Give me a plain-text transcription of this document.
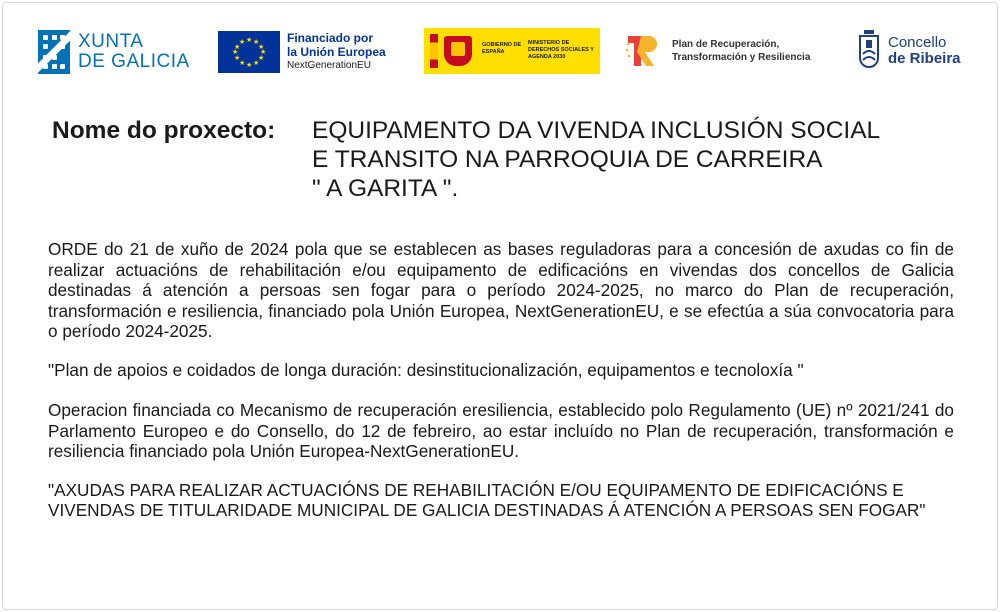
XUNTA
DE GALICIA
★ ★
★
★
★
★
★
★
★
★
★
★	Financiado por
la Unión Europea
NextGenerationEU
GOBIERNO DE ESPAÑA
MINISTERIO DE DERECHOS SOCIALES Y AGENDA 2030
Plan de Recuperación,
Transformación y Resiliencia
Concello
de Ribeira
Nome do proxecto: EQUIPAMENTO DA VIVENDA INCLUSIÓN SOCIAL
E TRANSITO NA PARROQUIA DE CARREIRA
" A GARITA ".

ORDE do 21 de xuño de 2024 pola que se establecen as bases reguladoras para a concesión de axudas co fin de realizar actuacións de rehabilitación e/ou equipamento de edificacións en vivendas dos concellos de Galicia destinadas á atención a persoas sen fogar para o período 2024-2025, no marco do Plan de recuperación, transformación e resiliencia, financiado pola Unión Europea, NextGenerationEU, e se efectúa a súa convocatoria para o período 2024-2025.

"Plan de apoios e coidados de longa duración: desinstitucionalización, equipamentos e tecnoloxía "

Operacion financiada co Mecanismo de recuperación eresiliencia, establecido polo Regulamento (UE) nº 2021/241 do Parlamento Europeo e do Consello, do 12 de febreiro, ao estar incluído no Plan de recuperación, transformación e resiliencia financiado pola Unión Europea-NextGenerationEU.

"AXUDAS PARA REALIZAR ACTUACIÓNS DE REHABILITACIÓN E/OU EQUIPAMENTO DE EDIFICACIÓNS E VIVENDAS DE TITULARIDADE MUNICIPAL DE GALICIA DESTINADAS Á ATENCIÓN A PERSOAS SEN FOGAR"
